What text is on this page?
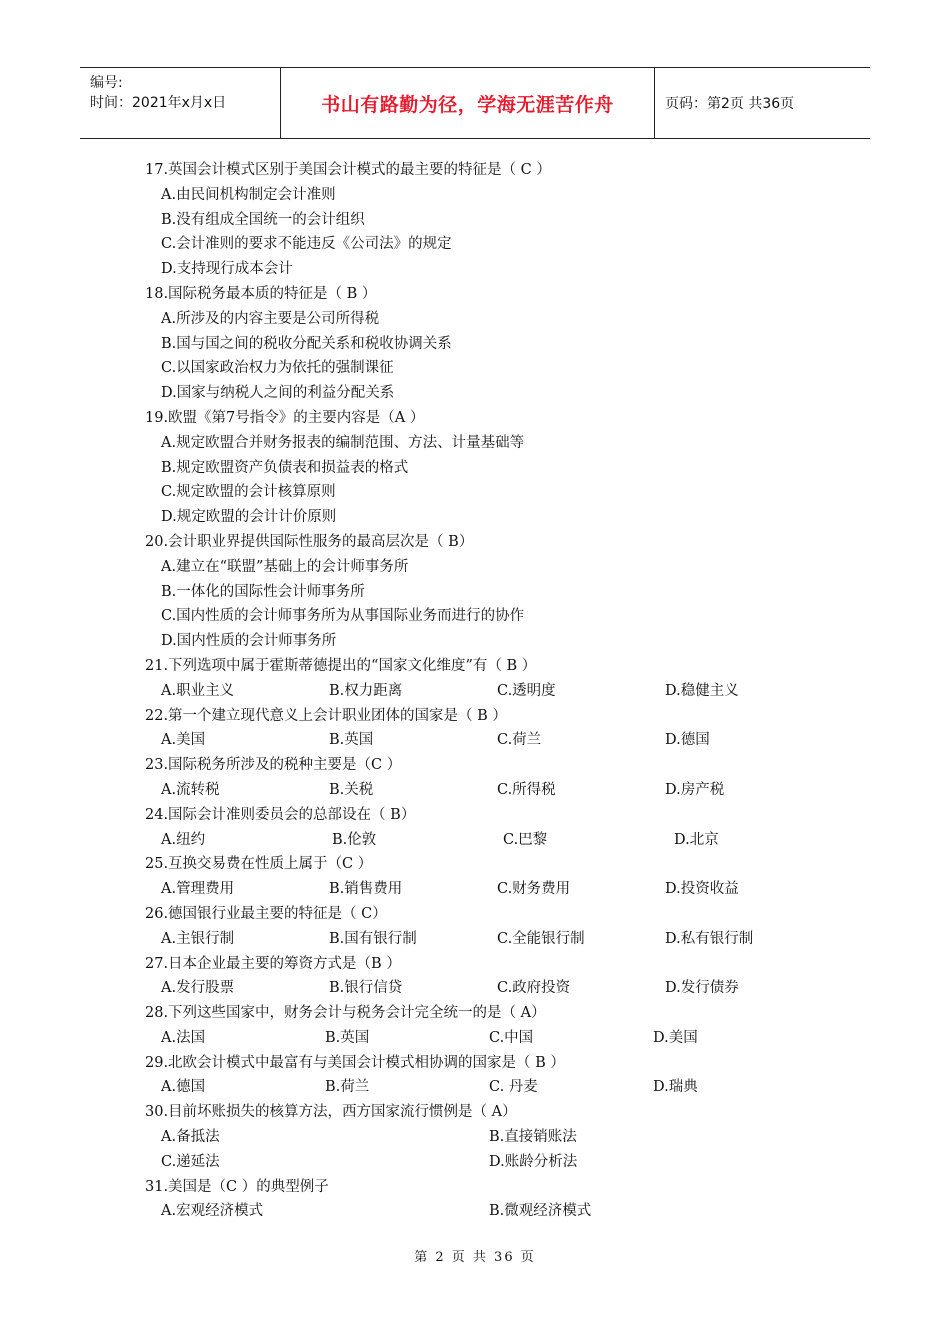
编号:
时间：2021年x月x日	书山有路勤为径，学海无涯苦作舟	页码：第2页 共36页
17.英国会计模式区别于美国会计模式的最主要的特征是（ C ）
A.由民间机构制定会计准则
B.没有组成全国统一的会计组织
C.会计准则的要求不能违反《公司法》的规定
D.支持现行成本会计
18.国际税务最本质的特征是（ B ）
A.所涉及的内容主要是公司所得税
B.国与国之间的税收分配关系和税收协调关系
C.以国家政治权力为依托的强制课征
D.国家与纳税人之间的利益分配关系
19.欧盟《第7号指令》的主要内容是（A ）
A.规定欧盟合并财务报表的编制范围、方法、计量基础等
B.规定欧盟资产负债表和损益表的格式
C.规定欧盟的会计核算原则
D.规定欧盟的会计计价原则
20.会计职业界提供国际性服务的最高层次是（ B）
A.建立在“联盟”基础上的会计师事务所
B.一体化的国际性会计师事务所
C.国内性质的会计师事务所为从事国际业务而进行的协作
D.国内性质的会计师事务所
21.下列选项中属于霍斯蒂德提出的“国家文化维度”有（ B ）
A.职业主义	B.权力距离	C.透明度	D.稳健主义
22.第一个建立现代意义上会计职业团体的国家是（ B ）
A.美国	B.英国	C.荷兰	D.德国
23.国际税务所涉及的税种主要是（C ）
A.流转税	B.关税	C.所得税	D.房产税
24.国际会计准则委员会的总部设在（ B）
A.纽约	B.伦敦	C.巴黎	D.北京
25.互换交易费在性质上属于（C ）
A.管理费用	B.销售费用	C.财务费用	D.投资收益
26.德国银行业最主要的特征是（ C）
A.主银行制	B.国有银行制	C.全能银行制	D.私有银行制
27.日本企业最主要的筹资方式是（B ）
A.发行股票	B.银行信贷	C.政府投资	D.发行债券
28.下列这些国家中，财务会计与税务会计完全统一的是（ A）
A.法国	B.英国	C.中国	D.美国
29.北欧会计模式中最富有与美国会计模式相协调的国家是（ B ）
A.德国	B.荷兰	C. 丹麦	D.瑞典
30.目前坏账损失的核算方法，西方国家流行惯例是（ A）
A.备抵法	B.直接销账法
C.递延法	D.账龄分析法
31.美国是（C ）的典型例子
A.宏观经济模式	B.微观经济模式
第 2 页 共 36 页
